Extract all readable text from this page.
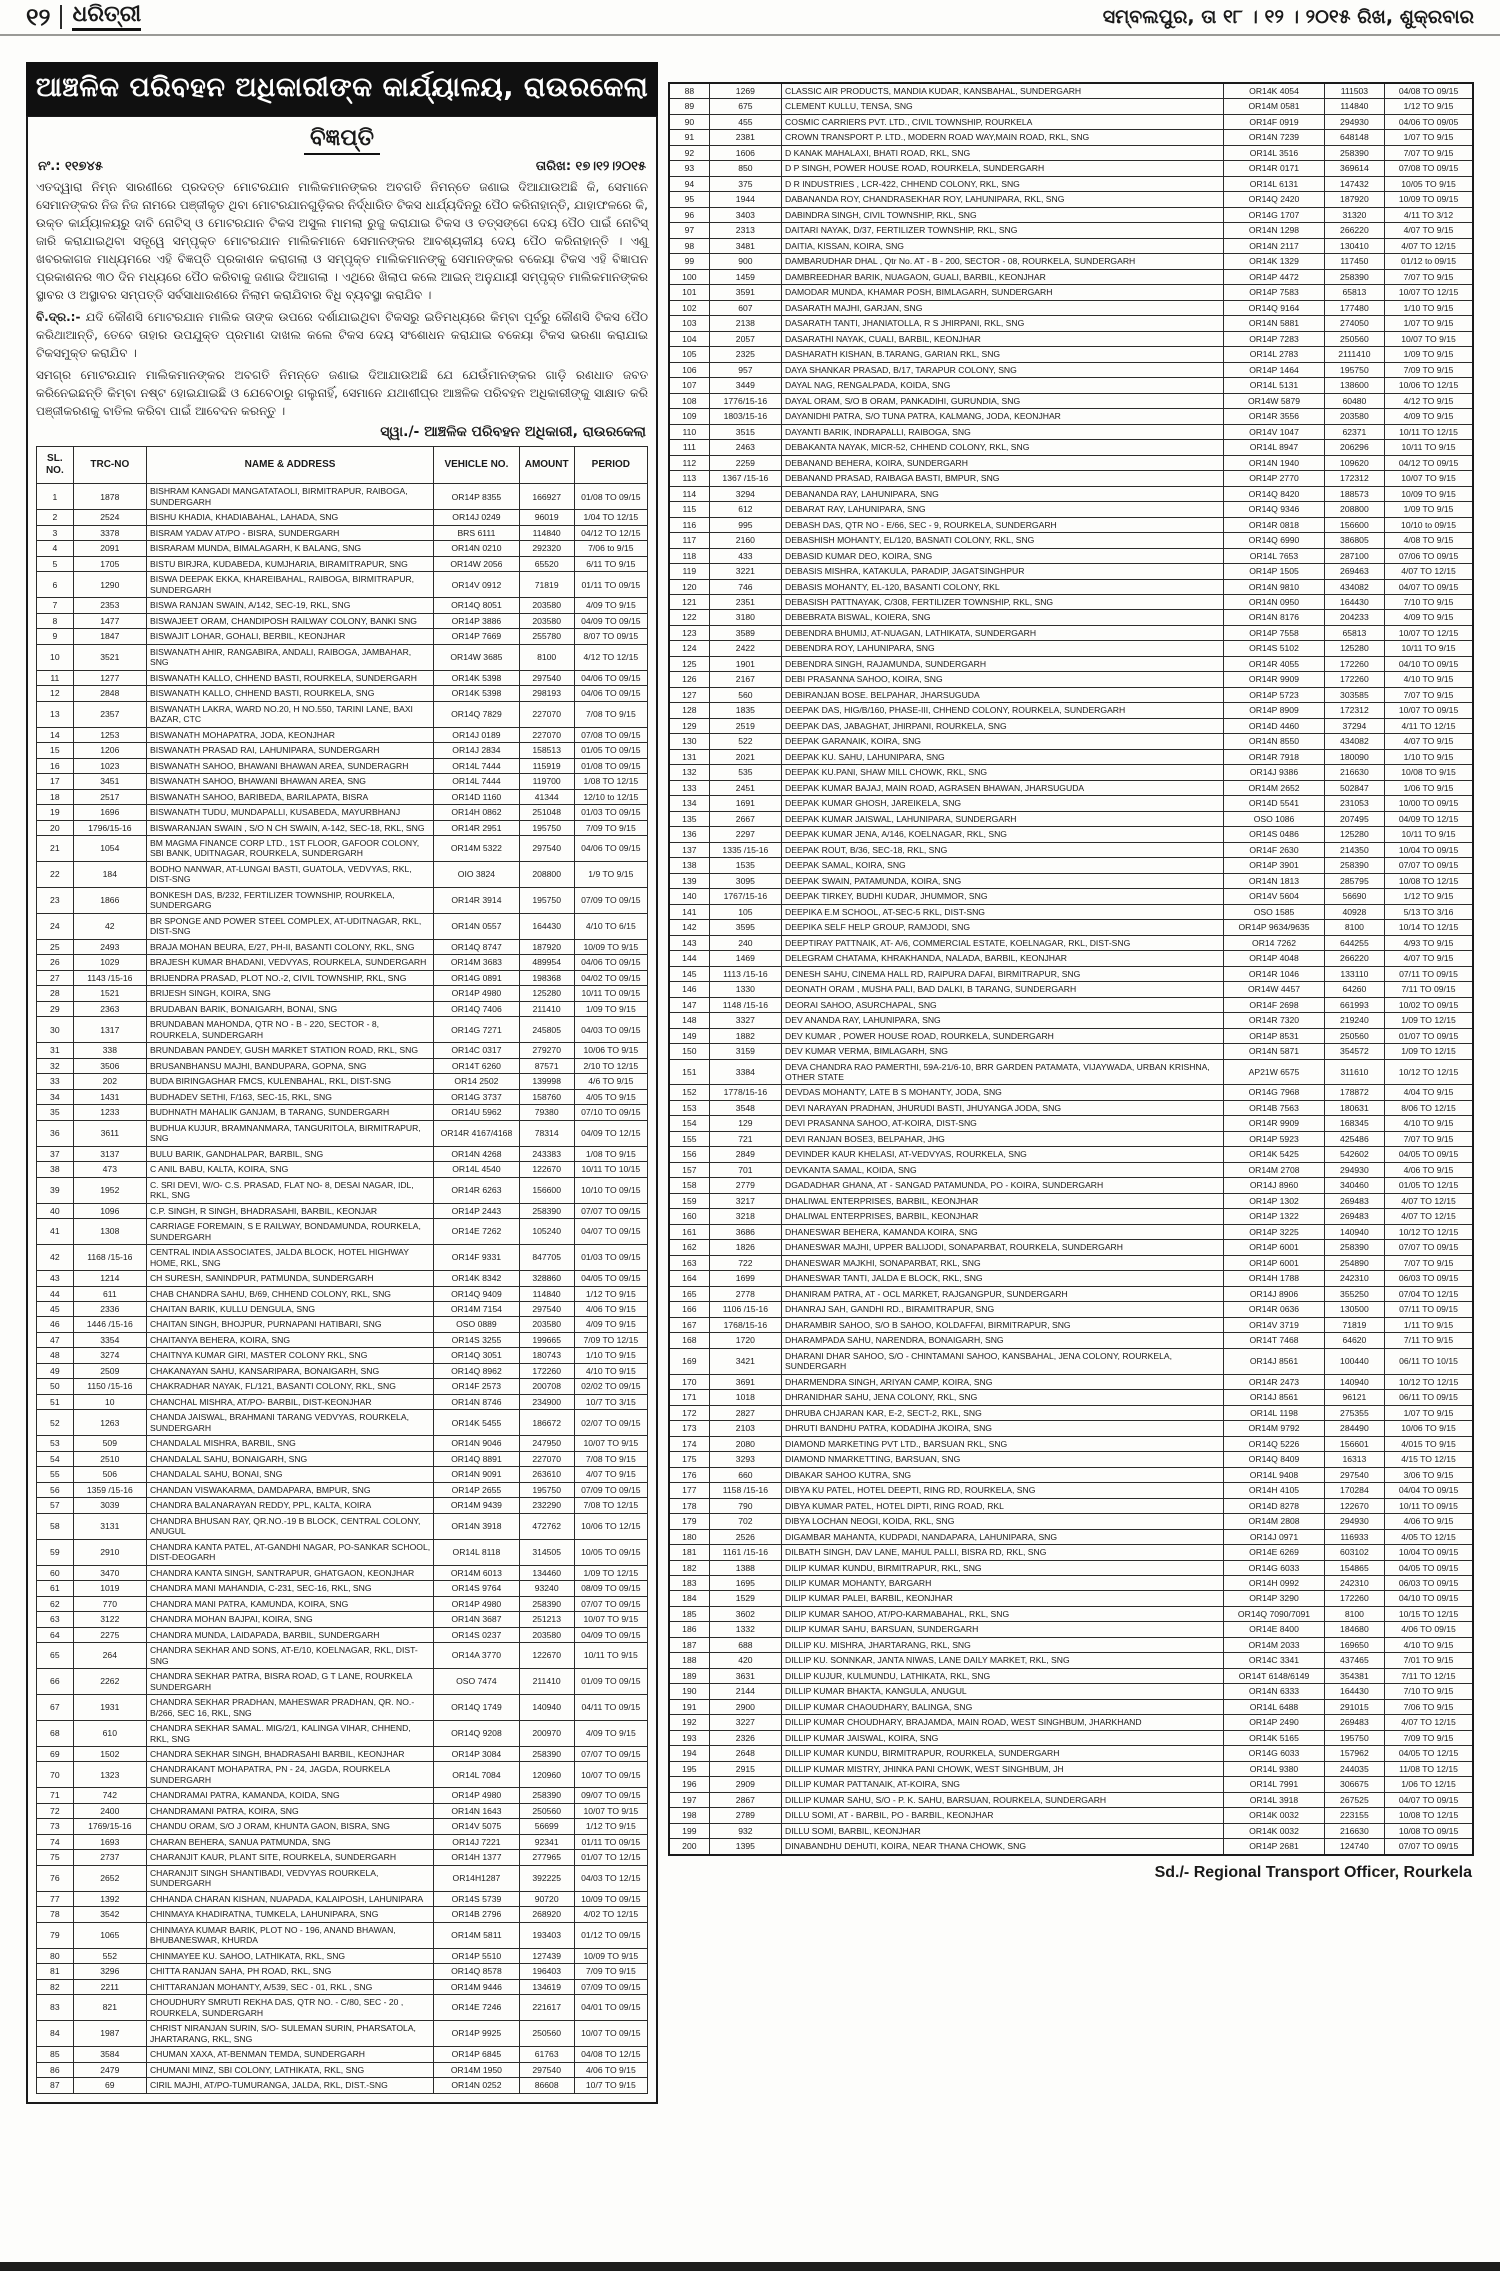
୧୨ ଧରିତ୍ରୀ	ସମ୍ବଲପୁର, ତା ୧୮ । ୧୨ । ୨୦୧୫ ରିଖ, ଶୁକ୍ରବାର
ଆଞ୍ଚଳିକ ପରିବହନ ଅଧିକାରୀଙ୍କ କାର୍ଯ୍ୟାଳୟ, ରାଉରକେଲା
ବିଜ୍ଞପ୍ତି
ନଂ.: ୧୧୭୪୫	ତାରିଖ: ୧୭।୧୨।୨୦୧୫

ଏତଦ୍ୱାରା ନିମ୍ନ ସାରଣୀରେ ପ୍ରଦତ୍ତ ମୋଟରଯାନ ମାଲିକମାନଙ୍କର ଅବଗତି ନିମନ୍ତେ ଜଣାଇ ଦିଆଯାଉଅଛି କି, ସେମାନେ ସେମାନଙ୍କର ନିଜ ନିଜ ନାମରେ ପଞ୍ଜୀକୃତ ଥିବା ମୋଟରଯାନଗୁଡ଼ିକର ନିର୍ଦ୍ଧାରିତ ଟିକସ ଧାର୍ଯ୍ୟଦିନରୁ ପୈଠ କରିନାହାନ୍ତି, ଯାହାଫଳରେ କି, ଉକ୍ତ କାର୍ଯ୍ୟାଳୟରୁ ଦାବି ନୋଟିସ୍ ଓ ମୋଟରଯାନ ଟିକସ ଅସୁଲ ମାମଲା ରୁଜୁ କରାଯାଇ ଟିକସ ଓ ତତ୍ସଙ୍ଗେ ଦେୟ ପୈଠ ପାଇଁ ନୋଟିସ୍ ଜାରି କରାଯାଇଥିବା ସତ୍ତ୍ୱେ ସମ୍ପୃକ୍ତ ମୋଟରଯାନ ମାଲିକମାନେ ସେମାନଙ୍କର ଆବଶ୍ୟକୀୟ ଦେୟ ପୈଠ କରିନାହାନ୍ତି । ଏଣୁ ଖବରକାଗଜ ମାଧ୍ୟମରେ ଏହି ବିଜ୍ଞପ୍ତି ପ୍ରକାଶନ କରାଗଲା ଓ ସମ୍ପୃକ୍ତ ମାଲିକମାନଙ୍କୁ ସେମାନଙ୍କର ବକେୟା ଟିକସ ଏହି ବିଜ୍ଞାପନ ପ୍ରକାଶନର ୩୦ ଦିନ ମଧ୍ୟରେ ପୈଠ କରିବାକୁ ଜଣାଇ ଦିଆଗଲା । ଏଥିରେ ଖିଲାପ କଲେ ଆଇନ୍ ଅନୁଯାୟୀ ସମ୍ପୃକ୍ତ ମାଲିକମାନଙ୍କର ସ୍ଥାବର ଓ ଅସ୍ଥାବର ସମ୍ପତ୍ତି ସର୍ବସାଧାରଣରେ ନିଲାମ କରାଯିବାର ବିଧି ବ୍ୟବସ୍ଥା କରାଯିବ ।

ବି.ଦ୍ର.:- ଯଦି କୌଣସି ମୋଟରଯାନ ମାଲିକ ତାଙ୍କ ଉପରେ ଦର୍ଶାଯାଇଥିବା ଟିକସରୁ ଇତିମଧ୍ୟରେ କିମ୍ବା ପୂର୍ବରୁ କୌଣସି ଟିକସ ପୈଠ କରିଥାଆନ୍ତି, ତେବେ ତାହାର ଉପଯୁକ୍ତ ପ୍ରମାଣ ଦାଖଲ କଲେ ଟିକସ ଦେୟ ସଂଶୋଧନ କରାଯାଇ ବକେୟା ଟିକସ ଭରଣା କରାଯାଇ ଟିକସମୁକ୍ତ କରାଯିବ ।

ସମଗ୍ର ମୋଟରଯାନ ମାଲିକମାନଙ୍କର ଅବଗତି ନିମନ୍ତେ ଜଣାଇ ଦିଆଯାଉଅଛି ଯେ ଯେଉଁମାନଙ୍କର ଗାଡ଼ି ରଣଧାତ ଜବତ କରିନେଇଛନ୍ତି କିମ୍ବା ନଷ୍ଟ ହୋଇଯାଇଛି ଓ ଯେବେଠାରୁ ଗଲୁନାହିଁ, ସେମାନେ ଯଥାଶୀଘ୍ର ଆଞ୍ଚଳିକ ପରିବହନ ଅଧିକାରୀଙ୍କୁ ସାକ୍ଷାତ କରି ପଞ୍ଜୀକରଣକୁ ବାତିଲ କରିବା ପାଇଁ ଆବେଦନ କରନ୍ତୁ ।

ସ୍ୱା./- ଆଞ୍ଚଳିକ ପରିବହନ ଅଧିକାରୀ, ରାଉରକେଲା
SL. NO.	TRC-NO	NAME & ADDRESS	VEHICLE NO.	AMOUNT	PERIOD
1	1878	BISHRAM KANGADI MANGATATAOLI, BIRMITRAPUR, RAIBOGA, SUNDERGARH	OR14P 8355	166927	01/08 TO 09/15
2	2524	BISHU KHADIA, KHADIABAHAL, LAHADA, SNG	OR14J 0249	96019	1/04 TO 12/15
3	3378	BISRAM YADAV AT/PO - BISRA, SUNDERGARH	BRS 6111	114840	04/12 TO 12/15
4	2091	BISRARAM MUNDA, BIMALAGARH, K BALANG, SNG	OR14N 0210	292320	7/06 to 9/15
5	1705	BISTU BIRJRA, KUDABEDA, KUMJHARIA, BIRAMITRAPUR, SNG	OR14W 2056	65520	6/11 TO 9/15
6	1290	BISWA DEEPAK EKKA, KHAREIBAHAL, RAIBOGA, BIRMITRAPUR, SUNDERGARH	OR14V 0912	71819	01/11 TO 09/15
7	2353	BISWA RANJAN SWAIN, A/142, SEC-19, RKL, SNG	OR14Q 8051	203580	4/09 TO 9/15
8	1477	BISWAJEET ORAM, CHANDIPOSH RAILWAY COLONY, BANKI SNG	OR14P 3886	203580	04/09 TO 09/15
9	1847	BISWAJIT LOHAR, GOHALI, BERBIL, KEONJHAR	OR14P 7669	255780	8/07 TO 09/15
10	3521	BISWANATH AHIR, RANGABIRA, ANDALI, RAIBOGA, JAMBAHAR, SNG	OR14W 3685	8100	4/12 TO 12/15
11	1277	BISWANATH KALLO, CHHEND BASTI, ROURKELA, SUNDERGARH	OR14K 5398	297540	04/06 TO 09/15
12	2848	BISWANATH KALLO, CHHEND BASTI, ROURKELA, SNG	OR14K 5398	298193	04/06 TO 09/15
13	2357	BISWANATH LAKRA, WARD NO.20, H NO.550, TARINI LANE, BAXI BAZAR, CTC	OR14Q 7829	227070	7/08 TO 9/15
14	1253	BISWANATH MOHAPATRA, JODA, KEONJHAR	OR14J 0189	227070	07/08 TO 09/15
15	1206	BISWANATH PRASAD RAI, LAHUNIPARA, SUNDERGARH	OR14J 2834	158513	01/05 TO 09/15
16	1023	BISWANATH SAHOO, BHAWANI BHAWAN AREA, SUNDERAGRH	OR14L 7444	115919	01/08 TO 09/15
17	3451	BISWANATH SAHOO, BHAWANI BHAWAN AREA, SNG	OR14L 7444	119700	1/08 TO 12/15
18	2517	BISWANATH SAHOO, BARIBEDA, BARILAPATA, BISRA	OR14D 1160	41344	12/10 to 12/15
19	1696	BISWANATH TUDU, MUNDAPALLI, KUSABEDA, MAYURBHANJ	OR14H 0862	251048	01/03 TO 09/15
20	1796/15-16	BISWARANJAN SWAIN , S/O N CH SWAIN, A-142, SEC-18, RKL, SNG	OR14R 2951	195750	7/09 TO 9/15
21	1054	BM MAGMA FINANCE CORP LTD., 1ST FLOOR, GAFOOR COLONY, SBI BANK, UDITNAGAR, ROURKELA, SUNDERGARH	OR14M 5322	297540	04/06 TO 09/15
22	184	BODHO NANWAR, AT-LUNGAI BASTI, GUATOLA, VEDVYAS, RKL, DIST-SNG	OIO 3824	208800	1/9 TO 9/15
23	1866	BONKESH DAS, B/232, FERTILIZER TOWNSHIP, ROURKELA, SUNDERGARG	OR14R 3914	195750	07/09 TO 09/15
24	42	BR SPONGE AND POWER STEEL COMPLEX, AT-UDITNAGAR, RKL, DIST-SNG	OR14N 0557	164430	4/10 TO 6/15
25	2493	BRAJA MOHAN BEURA, E/27, PH-II, BASANTI COLONY, RKL, SNG	OR14Q 8747	187920	10/09 TO 9/15
26	1029	BRAJESH KUMAR BHADANI, VEDVYAS, ROURKELA, SUNDERGARH	OR14M 3683	489954	04/06 TO 09/15
27	1143 /15-16	BRIJENDRA PRASAD, PLOT NO.-2, CIVIL TOWNSHIP, RKL, SNG	OR14G 0891	198368	04/02 TO 09/15
28	1521	BRIJESH SINGH, KOIRA, SNG	OR14P 4980	125280	10/11 TO 09/15
29	2363	BRUDABAN BARIK, BONAIGARH, BONAI, SNG	OR14Q 7406	211410	1/09 TO 9/15
30	1317	BRUNDABAN MAHONDA, QTR NO - B - 220, SECTOR - 8, ROURKELA, SUNDERGARH	OR14G 7271	245805	04/03 TO 09/15
31	338	BRUNDABAN PANDEY, GUSH MARKET STATION ROAD, RKL, SNG	OR14C 0317	279270	10/06 TO 9/15
32	3506	BRUSANBHANSU MAJHI, BANDUPARA, GOPNA, SNG	OR14T 6260	87571	2/10 TO 12/15
33	202	BUDA BIRINGAGHAR FMCS, KULENBAHAL, RKL, DIST-SNG	OR14 2502	139998	4/6 TO 9/15
34	1431	BUDHADEV SETHI, F/163, SEC-15, RKL, SNG	OR14G 3737	158760	4/05 TO 9/15
35	1233	BUDHNATH MAHALIK GANJAM, B TARANG, SUNDERGARH	OR14U 5962	79380	07/10 TO 09/15
36	3611	BUDHUA KUJUR, BRAMNANMARA, TANGURITOLA, BIRMITRAPUR, SNG	OR14R 4167/4168	78314	04/09 TO 12/15
37	3137	BULU BARIK, GANDHALPAR, BARBIL, SNG	OR14N 4268	243383	1/08 TO 9/15
38	473	C ANIL BABU, KALTA, KOIRA, SNG	OR14L 4540	122670	10/11 TO 10/15
39	1952	C. SRI DEVI, W/O- C.S. PRASAD, FLAT NO- 8, DESAI NAGAR, IDL, RKL, SNG	OR14R 6263	156600	10/10 TO 09/15
40	1096	C.P. SINGH, R SINGH, BHADRASAHI, BARBIL, KEONJAR	OR14P 2443	258390	07/07 TO 09/15
41	1308	CARRIAGE FOREMAIN, S E RAILWAY, BONDAMUNDA, ROURKELA, SUNDERGARH	OR14E 7262	105240	04/07 TO 09/15
42	1168 /15-16	CENTRAL INDIA ASSOCIATES, JALDA BLOCK, HOTEL HIGHWAY HOME, RKL, SNG	OR14F 9331	847705	01/03 TO 09/15
43	1214	CH SURESH, SANINDPUR, PATMUNDA, SUNDERGARH	OR14K 8342	328860	04/05 TO 09/15
44	611	CHAB CHANDRA SAHU, B/69, CHHEND COLONY, RKL, SNG	OR14Q 9409	114840	1/12 TO 9/15
45	2336	CHAITAN BARIK, KULLU DENGULA, SNG	OR14M 7154	297540	4/06 TO 9/15
46	1446 /15-16	CHAITAN SINGH, BHOJPUR, PURNAPANI HATIBARI, SNG	OSO 0889	203580	4/09 TO 9/15
47	3354	CHAITANYA BEHERA, KOIRA, SNG	OR14S 3255	199665	7/09 TO 12/15
48	3274	CHAITNYA KUMAR GIRI, MASTER COLONY RKL, SNG	OR14Q 3051	180743	1/10 TO 9/15
49	2509	CHAKANAYAN SAHU, KANSARIPARA, BONAIGARH, SNG	OR14Q 8962	172260	4/10 TO 9/15
50	1150 /15-16	CHAKRADHAR NAYAK, FL/121, BASANTI COLONY, RKL, SNG	OR14F 2573	200708	02/02 TO 09/15
51	10	CHANCHAL MISHRA, AT/PO- BARBIL, DIST-KEONJHAR	OR14N 8746	234900	10/7 TO 3/15
52	1263	CHANDA JAISWAL, BRAHMANI TARANG VEDVYAS, ROURKELA, SUNDERGARH	OR14K 5455	186672	02/07 TO 09/15
53	509	CHANDALAL MISHRA, BARBIL, SNG	OR14N 9046	247950	10/07 TO 9/15
54	2510	CHANDALAL SAHU, BONAIGARH, SNG	OR14Q 8891	227070	7/08 TO 9/15
55	506	CHANDALAL SAHU, BONAI, SNG	OR14N 9091	263610	4/07 TO 9/15
56	1359 /15-16	CHANDAN VISWAKARMA, DAMDAPARA, BMPUR, SNG	OR14P 2655	195750	07/09 TO 09/15
57	3039	CHANDRA BALANARAYAN REDDY, PPL, KALTA, KOIRA	OR14M 9439	232290	7/08 TO 12/15
58	3131	CHANDRA BHUSAN RAY, QR.NO.-19 B BLOCK, CENTRAL COLONY, ANUGUL	OR14N 3918	472762	10/06 TO 12/15
59	2910	CHANDRA KANTA PATEL, AT-GANDHI NAGAR, PO-SANKAR SCHOOL, DIST-DEOGARH	OR14L 8118	314505	10/05 TO 09/15
60	3470	CHANDRA KANTA SINGH, SANTRAPUR, GHATGAON, KEONJHAR	OR14M 6013	134460	1/09 TO 12/15
61	1019	CHANDRA MANI MAHANDIA, C-231, SEC-16, RKL, SNG	OR14S 9764	93240	08/09 TO 09/15
62	770	CHANDRA MANI PATRA, KAMUNDA, KOIRA, SNG	OR14P 4980	258390	07/07 TO 09/15
63	3122	CHANDRA MOHAN BAJPAI, KOIRA, SNG	OR14N 3687	251213	10/07 TO 9/15
64	2275	CHANDRA MUNDA, LAIDAPADA, BARBIL, SUNDERGARH	OR14S 0237	203580	04/09 TO 09/15
65	264	CHANDRA SEKHAR AND SONS, AT-E/10, KOELNAGAR, RKL, DIST-SNG	OR14A 3770	122670	10/11 TO 9/15
66	2262	CHANDRA SEKHAR PATRA, BISRA ROAD, G T LANE, ROURKELA SUNDERGARH	OSO 7474	211410	01/09 TO 09/15
67	1931	CHANDRA SEKHAR PRADHAN, MAHESWAR PRADHAN, QR. NO.- B/266, SEC 16, RKL, SNG	OR14Q 1749	140940	04/11 TO 09/15
68	610	CHANDRA SEKHAR SAMAL. MIG/2/1, KALINGA VIHAR, CHHEND, RKL, SNG	OR14Q 9208	200970	4/09 TO 9/15
69	1502	CHANDRA SEKHAR SINGH, BHADRASAHI BARBIL, KEONJHAR	OR14P 3084	258390	07/07 TO 09/15
70	1323	CHANDRAKANT MOHAPATRA, PN - 24, JAGDA, ROURKELA SUNDERGARH	OR14L 7084	120960	10/07 TO 09/15
71	742	CHANDRAMAI PATRA, KAMANDA, KOIDA, SNG	OR14P 4980	258390	09/07 TO 09/15
72	2400	CHANDRAMANI PATRA, KOIRA, SNG	OR14N 1643	250560	10/07 TO 9/15
73	1769/15-16	CHANDU ORAM, S/O J ORAM, KHUNTA GAON, BISRA, SNG	OR14V 5075	56699	1/12 TO 9/15
74	1693	CHARAN BEHERA, SANUA PATMUNDA, SNG	OR14J 7221	92341	01/11 TO 09/15
75	2737	CHARANJIT KAUR, PLANT SITE, ROURKELA, SUNDERGARH	OR14H 1377	277965	01/07 TO 12/15
76	2652	CHARANJIT SINGH SHANTIBADI, VEDVYAS ROURKELA, SUNDERGARH	OR14H1287	392225	04/03 TO 12/15
77	1392	CHHANDA CHARAN KISHAN, NUAPADA, KALAIPOSH, LAHUNIPARA	OR14S 5739	90720	10/09 TO 09/15
78	3542	CHINMAYA KHADIRATNA, TUMKELA, LAHUNIPARA, SNG	OR14B 2796	268920	4/02 TO 12/15
79	1065	CHINMAYA KUMAR BARIK, PLOT NO - 196, ANAND BHAWAN, BHUBANESWAR, KHURDA	OR14M 5811	193403	01/12 TO 09/15
80	552	CHINMAYEE KU. SAHOO, LATHIKATA, RKL, SNG	OR14P 5510	127439	10/09 TO 9/15
81	3296	CHITTA RANJAN SAHA, PH ROAD, RKL, SNG	OR14Q 8578	196403	7/09 TO 9/15
82	2211	CHITTARANJAN MOHANTY, A/539, SEC - 01, RKL , SNG	OR14M 9446	134619	07/09 TO 09/15
83	821	CHOUDHURY SMRUTI REKHA DAS, QTR NO. - C/80, SEC - 20 , ROURKELA, SUNDERGARH	OR14E 7246	221617	04/01 TO 09/15
84	1987	CHRIST NIRANJAN SURIN, S/O- SULEMAN SURIN, PHARSATOLA, JHARTARANG, RKL, SNG	OR14P 9925	250560	10/07 TO 09/15
85	3584	CHUMAN XAXA, AT-BENMAN TEMDA, SUNDERGARH	OR14P 6845	61763	04/08 TO 12/15
86	2479	CHUMANI MINZ, SBI COLONY, LATHIKATA, RKL, SNG	OR14M 1950	297540	4/06 TO 9/15
87	69	CIRIL MAJHI, AT/PO-TUMURANGA, JALDA, RKL, DIST.-SNG	OR14N 0252	86608	10/7 TO 9/15
88	1269	CLASSIC AIR PRODUCTS, MANDIA KUDAR, KANSBAHAL, SUNDERGARH	OR14K 4054	111503	04/08 TO 09/15
89	675	CLEMENT KULLU, TENSA, SNG	OR14M 0581	114840	1/12 TO 9/15
90	455	COSMIC CARRIERS PVT. LTD., CIVIL TOWNSHIP, ROURKELA	OR14F 0919	294930	04/06 TO 09/05
91	2381	CROWN TRANSPORT P. LTD., MODERN ROAD WAY,MAIN ROAD, RKL, SNG	OR14N 7239	648148	1/07 TO 9/15
92	1606	D KANAK MAHALAXI, BHATI ROAD, RKL, SNG	OR14L 3516	258390	7/07 TO 9/15
93	850	D P SINGH, POWER HOUSE ROAD, ROURKELA, SUNDERGARH	OR14R 0171	369614	07/08 TO 09/15
94	375	D R INDUSTRIES , LCR-422, CHHEND COLONY, RKL, SNG	OR14L 6131	147432	10/05 TO 9/15
95	1944	DABANANDA ROY, CHANDRASEKHAR ROY, LAHUNIPARA, RKL, SNG	OR14Q 2420	187920	10/09 TO 09/15
96	3403	DABINDRA SINGH, CIVIL TOWNSHIP, RKL, SNG	OR14G 1707	31320	4/11 TO 3/12
97	2313	DAITARI NAYAK, D/37, FERTILIZER TOWNSHIP, RKL, SNG	OR14N 1298	266220	4/07 TO 9/15
98	3481	DAITIA, KISSAN, KOIRA, SNG	OR14N 2117	130410	4/07 TO 12/15
99	900	DAMBARUDHAR DHAL , Qtr No. AT - B - 200, SECTOR - 08, ROURKELA, SUNDERGARH	OR14K 1329	117450	01/12 to 09/15
100	1459	DAMBREEDHAR BARIK, NUAGAON, GUALI, BARBIL, KEONJHAR	OR14P 4472	258390	7/07 TO 9/15
101	3591	DAMODAR MUNDA, KHAMAR POSH, BIMLAGARH, SUNDERGARH	OR14P 7583	65813	10/07 TO 12/15
102	607	DASARATH MAJHI, GARJAN, SNG	OR14Q 9164	177480	1/10 TO 9/15
103	2138	DASARATH TANTI, JHANIATOLLA, R S JHIRPANI, RKL, SNG	OR14N 5881	274050	1/07 TO 9/15
104	2057	DASARATHI NAYAK, CUALI, BARBIL, KEONJHAR	OR14P 7283	250560	10/07 TO 9/15
105	2325	DASHARATH KISHAN, B.TARANG, GARIAN RKL, SNG	OR14L 2783	2111410	1/09 TO 9/15
106	957	DAYA SHANKAR PRASAD, B/17, TARAPUR COLONY, SNG	OR14P 1464	195750	7/09 TO 9/15
107	3449	DAYAL NAG, RENGALPADA, KOIDA, SNG	OR14L 5131	138600	10/06 TO 12/15
108	1776/15-16	DAYAL ORAM, S/O B ORAM, PANKADIHI, GURUNDIA, SNG	OR14W 5879	60480	4/12 TO 9/15
109	1803/15-16	DAYANIDHI PATRA, S/O TUNA PATRA, KALMANG, JODA, KEONJHAR	OR14R 3556	203580	4/09 TO 9/15
110	3515	DAYANTI BARIK, INDRAPALLI, RAIBOGA, SNG	OR14V 1047	62371	10/11 TO 12/15
111	2463	DEBAKANTA NAYAK, MICR-52, CHHEND COLONY, RKL, SNG	OR14L 8947	206296	10/11 TO 9/15
112	2259	DEBANAND BEHERA, KOIRA, SUNDERGARH	OR14N 1940	109620	04/12 TO 09/15
113	1367 /15-16	DEBANAND PRASAD, RAIBAGA BASTI, BMPUR, SNG	OR14P 2770	172312	10/07 TO 9/15
114	3294	DEBANANDA RAY, LAHUNIPARA, SNG	OR14Q 8420	188573	10/09 TO 9/15
115	612	DEBARAT RAY, LAHUNIPARA, SNG	OR14Q 9346	208800	1/09 TO 9/15
116	995	DEBASH DAS, QTR NO - E/66, SEC - 9, ROURKELA, SUNDERGARH	OR14R 0818	156600	10/10 to 09/15
117	2160	DEBASHISH MOHANTY, EL/120, BASNATI COLONY, RKL, SNG	OR14Q 6990	386805	4/08 TO 9/15
118	433	DEBASID KUMAR DEO, KOIRA, SNG	OR14L 7653	287100	07/06 TO 09/15
119	3221	DEBASIS MISHRA, KATAKULA, PARADIP, JAGATSINGHPUR	OR14P 1505	269463	4/07 TO 12/15
120	746	DEBASIS MOHANTY, EL-120, BASANTI COLONY, RKL	OR14N 9810	434082	04/07 TO 09/15
121	2351	DEBASISH PATTNAYAK, C/308, FERTILIZER TOWNSHIP, RKL, SNG	OR14N 0950	164430	7/10 TO 9/15
122	3180	DEBEBRATA BISWAL, KOIERA, SNG	OR14N 8176	204233	4/09 TO 9/15
123	3589	DEBENDRA BHUMIJ, AT-NUAGAN, LATHIKATA, SUNDERGARH	OR14P 7558	65813	10/07 TO 12/15
124	2422	DEBENDRA ROY, LAHUNIPARA, SNG	OR14S 5102	125280	10/11 TO 9/15
125	1901	DEBENDRA SINGH, RAJAMUNDA, SUNDERGARH	OR14R 4055	172260	04/10 TO 09/15
126	2167	DEBI PRASANNA SAHOO, KOIRA, SNG	OR14R 9909	172260	4/10 TO 9/15
127	560	DEBIRANJAN BOSE. BELPAHAR, JHARSUGUDA	OR14P 5723	303585	7/07 TO 9/15
128	1835	DEEPAK DAS, HIG/B/160, PHASE-III, CHHEND COLONY, ROURKELA, SUNDERGARH	OR14P 8909	172312	10/07 TO 09/15
129	2519	DEEPAK DAS, JABAGHAT, JHIRPANI, ROURKELA, SNG	OR14D 4460	37294	4/11 TO 12/15
130	522	DEEPAK GARANAIK, KOIRA, SNG	OR14N 8550	434082	4/07 TO 9/15
131	2021	DEEPAK KU. SAHU, LAHUNIPARA, SNG	OR14R 7918	180090	1/10 TO 9/15
132	535	DEEPAK KU.PANI, SHAW MILL CHOWK, RKL, SNG	OR14J 9386	216630	10/08 TO 9/15
133	2451	DEEPAK KUMAR BAJAJ, MAIN ROAD, AGRASEN BHAWAN, JHARSUGUDA	OR14M 2652	502847	1/06 TO 9/15
134	1691	DEEPAK KUMAR GHOSH, JAREIKELA, SNG	OR14D 5541	231053	10/00 TO 09/15
135	2667	DEEPAK KUMAR JAISWAL, LAHUNIPARA, SUNDERGARH	OSO 1086	207495	04/09 TO 12/15
136	2297	DEEPAK KUMAR JENA, A/146, KOELNAGAR, RKL, SNG	OR14S 0486	125280	10/11 TO 9/15
137	1335 /15-16	DEEPAK ROUT, B/36, SEC-18, RKL, SNG	OR14F 2630	214350	10/04 TO 09/15
138	1535	DEEPAK SAMAL, KOIRA, SNG	OR14P 3901	258390	07/07 TO 09/15
139	3095	DEEPAK SWAIN, PATAMUNDA, KOIRA, SNG	OR14N 1813	285795	10/08 TO 12/15
140	1767/15-16	DEEPAK TIRKEY, BUDHI KUDAR, JHUMMOR, SNG	OR14V 5604	56690	1/12 TO 9/15
141	105	DEEPIKA E.M SCHOOL, AT-SEC-5 RKL, DIST-SNG	OSO 1585	40928	5/13 TO 3/16
142	3595	DEEPIKA SELF HELP GROUP, RAMJODI, SNG	OR14P 9634/9635	8100	10/14 TO 12/15
143	240	DEEPTIRAY PATTNAIK, AT- A/6, COMMERCIAL ESTATE, KOELNAGAR, RKL, DIST-SNG	OR14 7262	644255	4/93 TO 9/15
144	1469	DELEGRAM CHATAMA, KHRAKHANDA, NALADA, BARBIL, KEONJHAR	OR14P 4048	266220	4/07 TO 9/15
145	1113 /15-16	DENESH SAHU, CINEMA HALL RD, RAIPURA DAFAI, BIRMITRAPUR, SNG	OR14R 1046	133110	07/11 TO 09/15
146	1330	DEONATH ORAM , MUSHA PALI, BAD DALKI, B TARANG, SUNDERGARH	OR14W 4457	64260	7/11 TO 09/15
147	1148 /15-16	DEORAI SAHOO, ASURCHAPAL, SNG	OR14F 2698	661993	10/02 TO 09/15
148	3327	DEV ANANDA RAY, LAHUNIPARA, SNG	OR14R 7320	219240	1/09 TO 12/15
149	1882	DEV KUMAR , POWER HOUSE ROAD, ROURKELA, SUNDERGARH	OR14P 8531	250560	01/07 TO 09/15
150	3159	DEV KUMAR VERMA, BIMLAGARH, SNG	OR14N 5871	354572	1/09 TO 12/15
151	3384	DEVA CHANDRA RAO PAMERTHI, 59A-21/6-10, BRR GARDEN PATAMATA, VIJAYWADA, URBAN KRISHNA, OTHER STATE	AP21W 6575	311610	10/12 TO 12/15
152	1778/15-16	DEVDAS MOHANTY, LATE B S MOHANTY, JODA, SNG	OR14G 7968	178872	4/04 TO 9/15
153	3548	DEVI NARAYAN PRADHAN, JHURUDI BASTI, JHUYANGA JODA, SNG	OR14B 7563	180631	8/06 TO 12/15
154	129	DEVI PRASANNA SAHOO, AT-KOIRA, DIST-SNG	OR14R 9909	168345	4/10 TO 9/15
155	721	DEVI RANJAN BOSE3, BELPAHAR, JHG	OR14P 5923	425486	7/07 TO 9/15
156	2849	DEVINDER KAUR KHELASI, AT-VEDVYAS, ROURKELA, SNG	OR14K 5425	542602	04/05 TO 09/15
157	701	DEVKANTA SAMAL, KOIDA, SNG	OR14M 2708	294930	4/06 TO 9/15
158	2779	DGADADHAR GHANA, AT - SANGAD PATAMUNDA, PO - KOIRA, SUNDERGARH	OR14J 8960	340460	01/05 TO 12/15
159	3217	DHALIWAL ENTERPRISES, BARBIL, KEONJHAR	OR14P 1302	269483	4/07 TO 12/15
160	3218	DHALIWAL ENTERPRISES, BARBIL, KEONJHAR	OR14P 1322	269483	4/07 TO 12/15
161	3686	DHANESWAR BEHERA, KAMANDA KOIRA, SNG	OR14P 3225	140940	10/12 TO 12/15
162	1826	DHANESWAR MAJHI, UPPER BALIJODI, SONAPARBAT, ROURKELA, SUNDERGARH	OR14P 6001	258390	07/07 TO 09/15
163	722	DHANESWAR MAJKHI, SONAPARBAT, RKL, SNG	OR14P 6001	254890	7/07 TO 9/15
164	1699	DHANESWAR TANTI, JALDA E BLOCK, RKL, SNG	OR14H 1788	242310	06/03 TO 09/15
165	2778	DHANIRAM PATRA, AT - OCL MARKET, RAJGANGPUR, SUNDERGARH	OR14J 8906	355250	07/04 TO 12/15
166	1106 /15-16	DHANRAJ SAH, GANDHI RD., BIRAMITRAPUR, SNG	OR14R 0636	130500	07/11 TO 09/15
167	1768/15-16	DHARAMBIR SAHOO, S/O B SAHOO, KOLDAFFAI, BIRMITRAPUR, SNG	OR14V 3719	71819	1/11 TO 9/15
168	1720	DHARAMPADA SAHU, NARENDRA, BONAIGARH, SNG	OR14T 7468	64620	7/11 TO 9/15
169	3421	DHARANI DHAR SAHOO, S/O - CHINTAMANI SAHOO, KANSBAHAL, JENA COLONY, ROURKELA, SUNDERGARH	OR14J 8561	100440	06/11 TO 10/15
170	3691	DHARMENDRA SINGH, ARIYAN CAMP, KOIRA, SNG	OR14R 2473	140940	10/12 TO 12/15
171	1018	DHRANIDHAR SAHU, JENA COLONY, RKL, SNG	OR14J 8561	96121	06/11 TO 09/15
172	2827	DHRUBA CHJARAN KAR, E-2, SECT-2, RKL, SNG	OR14L 1198	275355	1/07 TO 9/15
173	2103	DHRUTI BANDHU PATRA, KODADIHA JKOIRA, SNG	OR14M 9792	284490	10/06 TO 9/15
174	2080	DIAMOND MARKETING PVT LTD., BARSUAN RKL, SNG	OR14Q 5226	156601	4/015 TO 9/15
175	3293	DIAMOND NMARKETTING, BARSUAN, SNG	OR14Q 8409	16313	4/15 TO 12/15
176	660	DIBAKAR SAHOO KUTRA, SNG	OR14L 9408	297540	3/06 TO 9/15
177	1158 /15-16	DIBYA KU PATEL, HOTEL DEEPTI, RING RD, ROURKELA, SNG	OR14H 4105	170284	04/04 TO 09/15
178	790	DIBYA KUMAR PATEL, HOTEL DIPTI, RING ROAD, RKL	OR14D 8278	122670	10/11 TO 09/15
179	702	DIBYA LOCHAN NEOGI, KOIDA, RKL, SNG	OR14M 2808	294930	4/06 TO 9/15
180	2526	DIGAMBAR MAHANTA, KUDPADI, NANDAPARA, LAHUNIPARA, SNG	OR14J 0971	116933	4/05 TO 12/15
181	1161 /15-16	DILBATH SINGH, DAV LANE, MAHUL PALLI, BISRA RD, RKL, SNG	OR14E 6269	603102	10/04 TO 09/15
182	1388	DILIP KUMAR KUNDU, BIRMITRAPUR, RKL, SNG	OR14G 6033	154865	04/05 TO 09/15
183	1695	DILIP KUMAR MOHANTY, BARGARH	OR14H 0992	242310	06/03 TO 09/15
184	1529	DILIP KUMAR PALEI, BARBIL, KEONJHAR	OR14P 3290	172260	04/10 TO 09/15
185	3602	DILIP KUMAR SAHOO, AT/PO-KARMABAHAL, RKL, SNG	OR14Q 7090/7091	8100	10/15 TO 12/15
186	1332	DILIP KUMAR SAHU, BARSUAN, SUNDERGARH	OR14E 8400	184680	4/06 TO 09/15
187	688	DILLIP KU. MISHRA, JHARTARANG, RKL, SNG	OR14M 2033	169650	4/10 TO 9/15
188	420	DILLIP KU. SONNKAR, JANTA NIWAS, LANE DAILY MARKET, RKL, SNG	OR14C 3341	437465	7/01 TO 9/15
189	3631	DILLIP KUJUR, KULMUNDU, LATHIKATA, RKL, SNG	OR14T 6148/6149	354381	7/11 TO 12/15
190	2144	DILLIP KUMAR BHAKTA, KANGULA, ANUGUL	OR14N 6333	164430	7/10 TO 9/15
191	2900	DILLIP KUMAR CHAOUDHARY, BALINGA, SNG	OR14L 6488	291015	7/06 TO 9/15
192	3227	DILLIP KUMAR CHOUDHARY, BRAJAMDA, MAIN ROAD, WEST SINGHBUM, JHARKHAND	OR14P 2490	269483	4/07 TO 12/15
193	2326	DILLIP KUMAR JAISWAL, KOIRA, SNG	OR14K 5165	195750	7/09 TO 9/15
194	2648	DILLIP KUMAR KUNDU, BIRMITRAPUR, ROURKELA, SUNDERGARH	OR14G 6033	157962	04/05 TO 12/15
195	2915	DILLIP KUMAR MISTRY, JHINKA PANI CHOWK, WEST SINGHBUM, JH	OR14L 9380	244035	11/08 TO 12/15
196	2909	DILLIP KUMAR PATTANAIK, AT-KOIRA, SNG	OR14L 7991	306675	1/06 TO 12/15
197	2867	DILLIP KUMAR SAHU, S/O - P. K. SAHU, BARSUAN, ROURKELA, SUNDERGARH	OR14L 3918	267525	04/07 TO 09/15
198	2789	DILLU SOMI, AT - BARBIL, PO - BARBIL, KEONJHAR	OR14K 0032	223155	10/08 TO 12/15
199	932	DILLU SOMI, BARBIL, KEONJHAR	OR14K 0032	216630	10/08 TO 09/15
200	1395	DINABANDHU DEHUTI, KOIRA, NEAR THANA CHOWK, SNG	OR14P 2681	124740	07/07 TO 09/15
Sd./- Regional Transport Officer, Rourkela
